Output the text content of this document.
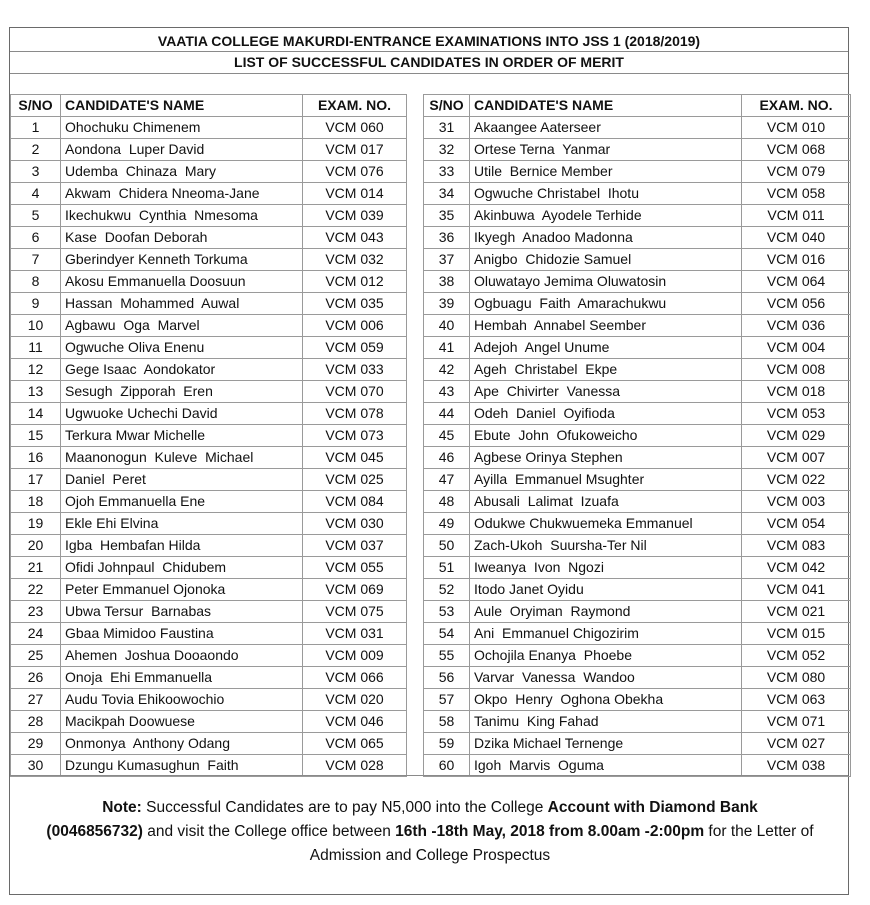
VAATIA COLLEGE MAKURDI-ENTRANCE EXAMINATIONS INTO JSS 1 (2018/2019)
LIST OF SUCCESSFUL CANDIDATES IN ORDER OF MERIT
S/NO	CANDIDATE'S NAME	EXAM. NO.		S/NO	CANDIDATE'S NAME	EXAM. NO.
1	Ohochuku Chimenem	VCM 060		31	Akaangee Aaterseer	VCM 010
2	Aondona  Luper David	VCM 017		32	Ortese Terna  Yanmar	VCM 068
3	Udemba  Chinaza  Mary	VCM 076		33	Utile  Bernice Member	VCM 079
4	Akwam  Chidera Nneoma-Jane	VCM 014		34	Ogwuche Christabel  Ihotu	VCM 058
5	Ikechukwu  Cynthia  Nmesoma	VCM 039		35	Akinbuwa  Ayodele Terhide	VCM 011
6	Kase  Doofan Deborah	VCM 043		36	Ikyegh  Anadoo Madonna	VCM 040
7	Gberindyer Kenneth Torkuma	VCM 032		37	Anigbo  Chidozie Samuel	VCM 016
8	Akosu Emmanuella Doosuun	VCM 012		38	Oluwatayo Jemima Oluwatosin	VCM 064
9	Hassan  Mohammed  Auwal	VCM 035		39	Ogbuagu  Faith  Amarachukwu	VCM 056
10	Agbawu  Oga  Marvel	VCM 006		40	Hembah  Annabel Seember	VCM 036
11	Ogwuche Oliva Enenu	VCM 059		41	Adejoh  Angel Unume	VCM 004
12	Gege Isaac  Aondokator	VCM 033		42	Ageh  Christabel  Ekpe	VCM 008
13	Sesugh  Zipporah  Eren	VCM 070		43	Ape  Chivirter  Vanessa	VCM 018
14	Ugwuoke Uchechi David	VCM 078		44	Odeh  Daniel  Oyifioda	VCM 053
15	Terkura Mwar Michelle	VCM 073		45	Ebute  John  Ofukoweicho	VCM 029
16	Maanonogun  Kuleve  Michael	VCM 045		46	Agbese Orinya Stephen	VCM 007
17	Daniel  Peret	VCM 025		47	Ayilla  Emmanuel Msughter	VCM 022
18	Ojoh Emmanuella Ene	VCM 084		48	Abusali  Lalimat  Izuafa	VCM 003
19	Ekle Ehi Elvina	VCM 030		49	Odukwe Chukwuemeka Emmanuel	VCM 054
20	Igba  Hembafan Hilda	VCM 037		50	Zach-Ukoh  Suursha-Ter Nil	VCM 083
21	Ofidi Johnpaul  Chidubem	VCM 055		51	Iweanya  Ivon  Ngozi	VCM 042
22	Peter Emmanuel Ojonoka	VCM 069		52	Itodo Janet Oyidu	VCM 041
23	Ubwa Tersur  Barnabas	VCM 075		53	Aule  Oryiman  Raymond	VCM 021
24	Gbaa Mimidoo Faustina	VCM 031		54	Ani  Emmanuel Chigozirim	VCM 015
25	Ahemen  Joshua Dooaondo	VCM 009		55	Ochojila Enanya  Phoebe	VCM 052
26	Onoja  Ehi Emmanuella	VCM 066		56	Varvar  Vanessa  Wandoo	VCM 080
27	Audu Tovia Ehikoowochio	VCM 020		57	Okpo  Henry  Oghona Obekha	VCM 063
28	Macikpah Doowuese	VCM 046		58	Tanimu  King Fahad	VCM 071
29	Onmonya  Anthony Odang	VCM 065		59	Dzika Michael Ternenge	VCM 027
30	Dzungu Kumasughun  Faith	VCM 028		60	Igoh  Marvis  Oguma	VCM 038
Note: Successful Candidates are to pay N5,000 into the College Account with Diamond Bank
(0046856732) and visit the College office between 16th -18th May, 2018 from 8.00am -2:00pm for the Letter of Admission and College Prospectus
